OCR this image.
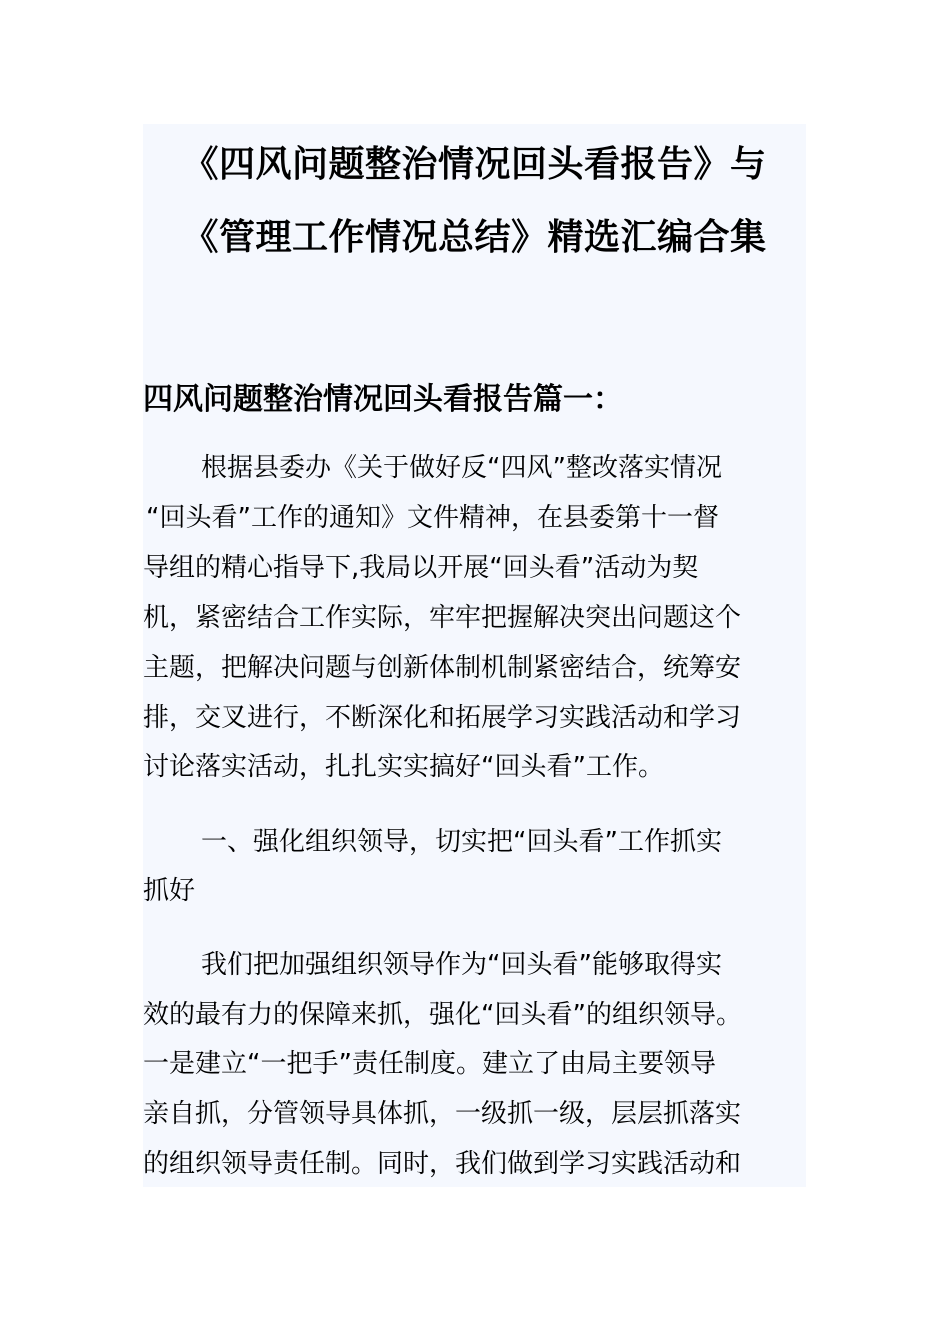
《四风问题整治情况回头看报告》与
《管理工作情况总结》精选汇编合集
四风问题整治情况回头看报告篇一：
根据县委办《关于做好反“四风”整改落实情况
“回头看”工作的通知》文件精神，在县委第十一督
导组的精心指导下,我局以开展“回头看”活动为契
机，紧密结合工作实际，牢牢把握解决突出问题这个
主题，把解决问题与创新体制机制紧密结合，统筹安
排，交叉进行，不断深化和拓展学习实践活动和学习
讨论落实活动，扎扎实实搞好“回头看”工作。
一、强化组织领导，切实把“回头看”工作抓实
抓好
我们把加强组织领导作为“回头看”能够取得实
效的最有力的保障来抓，强化“回头看”的组织领导。
一是建立“一把手”责任制度。建立了由局主要领导
亲自抓，分管领导具体抓，一级抓一级，层层抓落实
的组织领导责任制。同时，我们做到学习实践活动和
